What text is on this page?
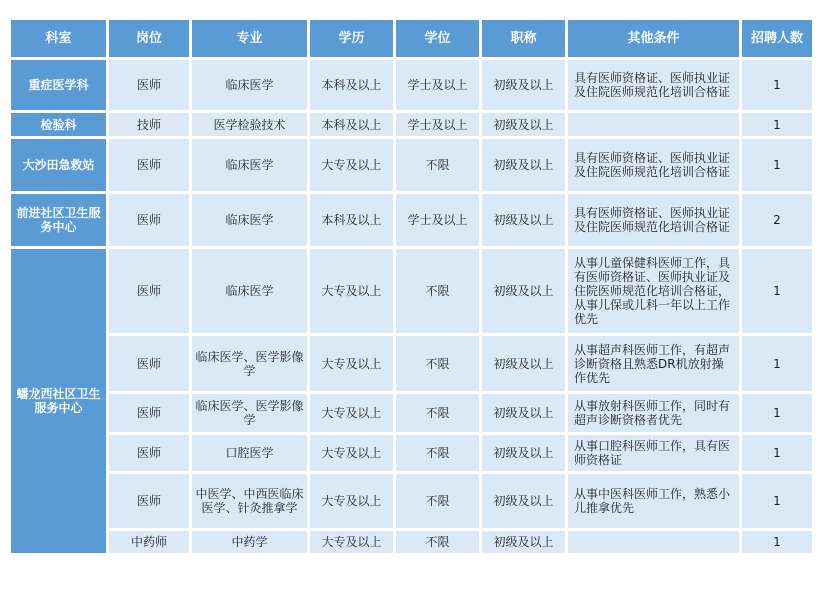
科室	岗位	专业	学历	学位	职称	其他条件	招聘人数
重症医学科	医师	临床医学	本科及以上	学士及以上	初级及以上	具有医师资格证、医师执业证及住院医师规范化培训合格证	1
检验科	技师	医学检验技术	本科及以上	学士及以上	初级及以上		1
大沙田急救站	医师	临床医学	大专及以上	不限	初级及以上	具有医师资格证、医师执业证及住院医师规范化培训合格证	1
前进社区卫生服务中心	医师	临床医学	本科及以上	学士及以上	初级及以上	具有医师资格证、医师执业证及住院医师规范化培训合格证	2
蟠龙西社区卫生服务中心	医师	临床医学	大专及以上	不限	初级及以上	从事儿童保健科医师工作，具有医师资格证、医师执业证及住院医师规范化培训合格证，从事儿保或儿科一年以上工作优先	1
	医师	临床医学、医学影像学	大专及以上	不限	初级及以上	从事超声科医师工作，有超声诊断资格且熟悉DR机放射操作优先	1
	医师	临床医学、医学影像学	大专及以上	不限	初级及以上	从事放射科医师工作，同时有超声诊断资格者优先	1
	医师	口腔医学	大专及以上	不限	初级及以上	从事口腔科医师工作，具有医师资格证	1
	医师	中医学、中西医临床医学、针灸推拿学	大专及以上	不限	初级及以上	从事中医科医师工作，熟悉小儿推拿优先	1
	中药师	中药学	大专及以上	不限	初级及以上		1
